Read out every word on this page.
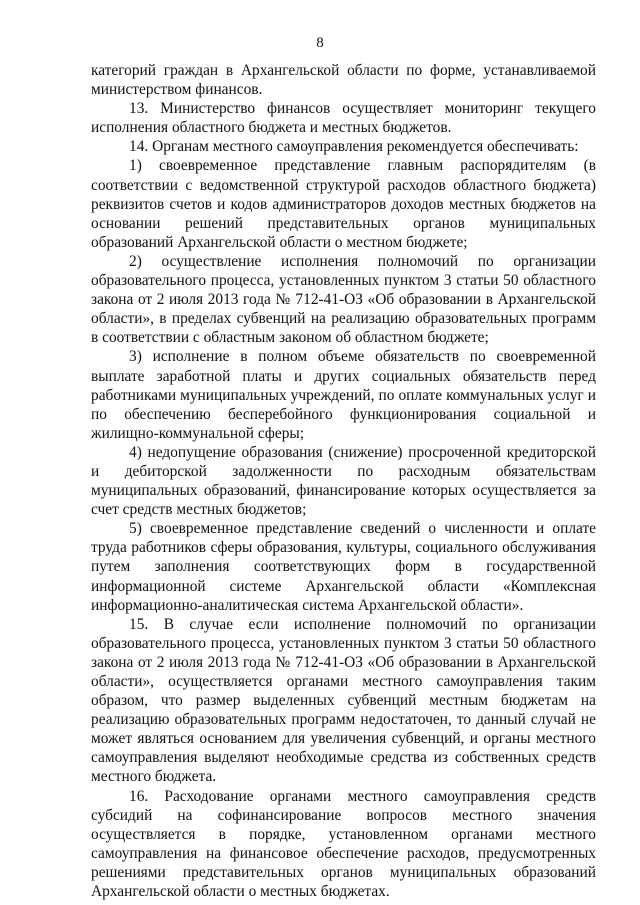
8

категорий граждан в Архангельской области по форме, устанавливаемой министерством финансов.

13. Министерство финансов осуществляет мониторинг текущего исполнения областного бюджета и местных бюджетов.

14. Органам местного самоуправления рекомендуется обеспечивать:

1) своевременное представление главным распорядителям (в соответствии с ведомственной структурой расходов областного бюджета) реквизитов счетов и кодов администраторов доходов местных бюджетов на основании решений представительных органов муниципальных образований Архангельской области о местном бюджете;

2) осуществление исполнения полномочий по организации образовательного процесса, установленных пунктом 3 статьи 50 областного закона от 2 июля 2013 года № 712-41-ОЗ «Об образовании в Архангельской области», в пределах субвенций на реализацию образовательных программ в соответствии с областным законом об областном бюджете;

3) исполнение в полном объеме обязательств по своевременной выплате заработной платы и других социальных обязательств перед работниками муниципальных учреждений, по оплате коммунальных услуг и по обеспечению бесперебойного функционирования социальной и жилищно-коммунальной сферы;

4) недопущение образования (снижение) просроченной кредиторской и дебиторской задолженности по расходным обязательствам муниципальных образований, финансирование которых осуществляется за счет средств местных бюджетов;

5) своевременное представление сведений о численности и оплате труда работников сферы образования, культуры, социального обслуживания путем заполнения соответствующих форм в государственной информационной системе Архангельской области «Комплексная информационно-аналитическая система Архангельской области».

15. В случае если исполнение полномочий по организации образовательного процесса, установленных пунктом 3 статьи 50 областного закона от 2 июля 2013 года № 712-41-ОЗ «Об образовании в Архангельской области», осуществляется органами местного самоуправления таким образом, что размер выделенных субвенций местным бюджетам на реализацию образовательных программ недостаточен, то данный случай не может являться основанием для увеличения субвенций, и органы местного самоуправления выделяют необходимые средства из собственных средств местного бюджета.

16. Расходование органами местного самоуправления средств субсидий на софинансирование вопросов местного значения осуществляется в порядке, установленном органами местного самоуправления на финансовое обеспечение расходов, предусмотренных решениями представительных органов муниципальных образований Архангельской области о местных бюджетах.
